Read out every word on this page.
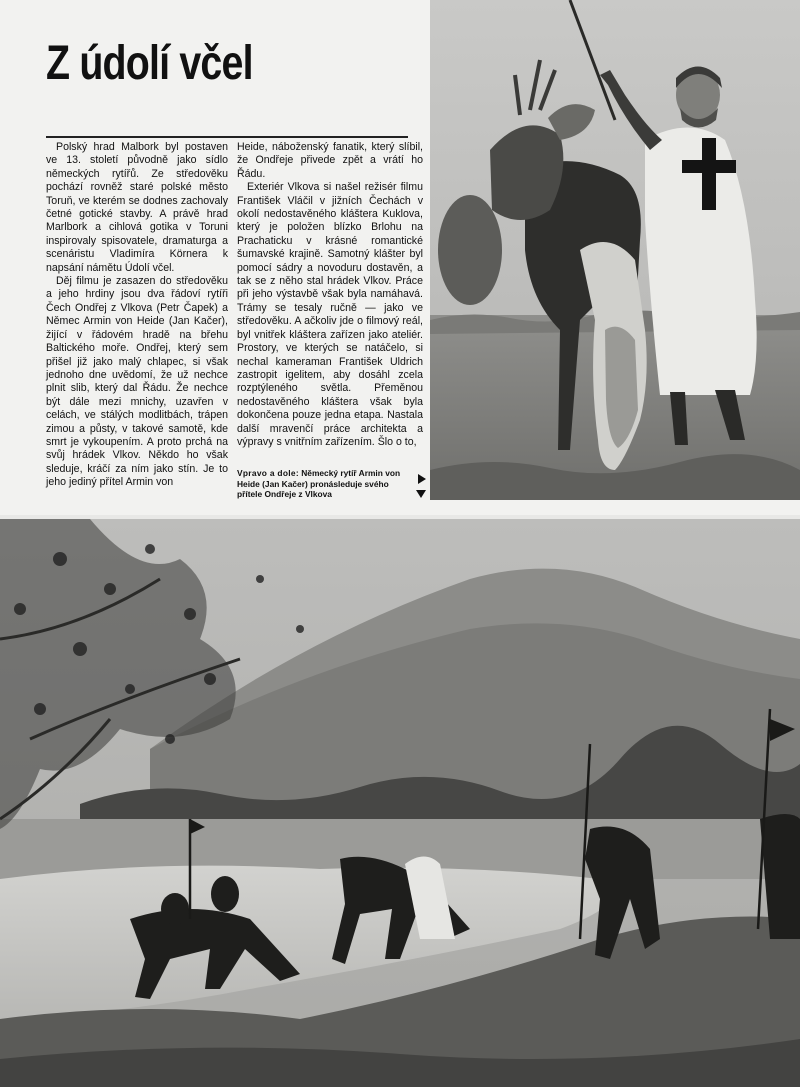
Z údolí včel

Polský hrad Malbork byl postaven ve 13. století původně jako sídlo německých rytířů. Ze středověku pochází rovněž staré polské město Toruň, ve kterém se dodnes zachovaly četné gotické stavby. A právě hrad Marlbork a cihlová gotika v Toruni inspirovaly spisovatele, dramaturga a scenáristu Vladimíra Körnera k napsání námětu Údolí včel.

Děj filmu je zasazen do středověku a jeho hrdiny jsou dva řádoví rytíři Čech Ondřej z Vlkova (Petr Čapek) a Němec Armin von Heide (Jan Kačer), žijící v řádovém hradě na břehu Baltického moře. Ondřej, který sem přišel již jako malý chlapec, si však jednoho dne uvědomí, že už nechce plnit slib, který dal Řádu. Že nechce být dále mezi mnichy, uzavřen v celách, ve stálých modlitbách, trápen zimou a půsty, v takové samotě, kde smrt je vykoupením. A proto prchá na svůj hrádek Vlkov. Někdo ho však sleduje, kráčí za ním jako stín. Je to jeho jediný přítel Armin von

Heide, náboženský fanatik, který slíbil, že Ondřeje přivede zpět a vrátí ho Řádu.

Exteriér Vlkova si našel režisér filmu František Vláčil v jižních Čechách v okolí nedostavěného kláštera Kuklova, který je položen blízko Brlohu na Prachaticku v krásné romantické šumavské krajině. Samotný klášter byl pomocí sádry a novoduru dostavěn, a tak se z něho stal hrádek Vlkov. Práce při jeho výstavbě však byla namáhavá. Trámy se tesaly ručně — jako ve středověku. A ačkoliv jde o filmový reál, byl vnitřek kláštera zařízen jako ateliér. Prostory, ve kterých se natáčelo, si nechal kameraman František Uldrich zastropit igelitem, aby dosáhl zcela rozptýleného světla. Přeměnou nedostavěného kláštera však byla dokončena pouze jedna etapa. Nastala další mravenčí práce architekta a výpravy s vnitřním zařízením. Šlo o to,

Vpravo a dole: Německý rytíř Armin von Heide (Jan Kačer) pronásleduje svého přítele Ondřeje z Vlkova
